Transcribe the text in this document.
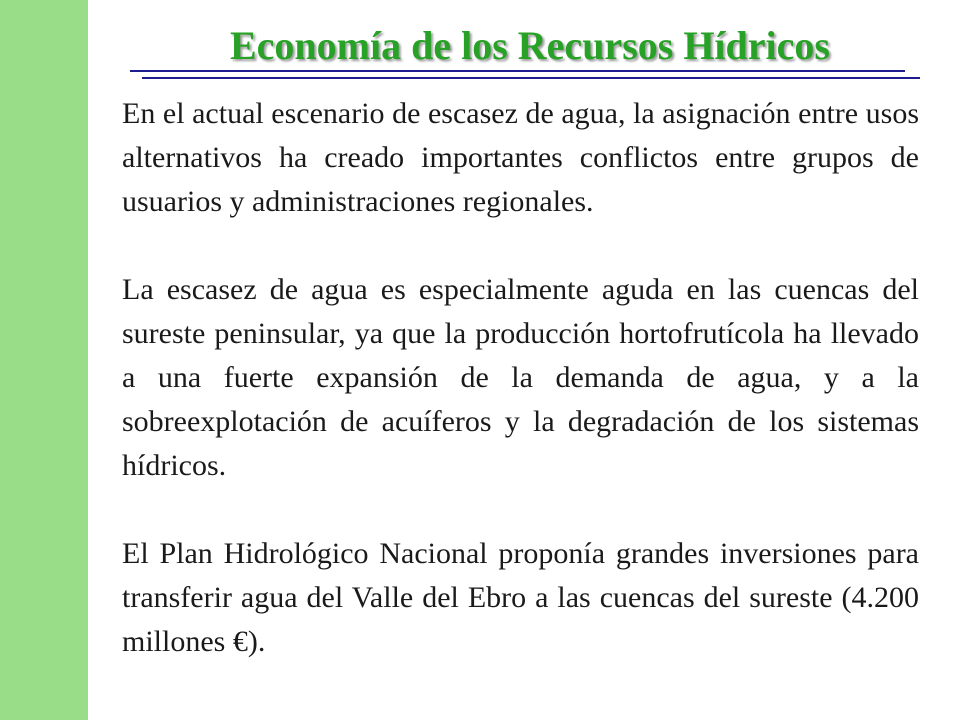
Economía de los Recursos Hídricos

En el actual escenario de escasez de agua, la asignación entre usos alternativos ha creado importantes conflictos entre grupos de usuarios y administraciones regionales.

La escasez de agua es especialmente aguda en las cuencas del sureste peninsular, ya que la producción hortofrutícola ha llevado a una fuerte expansión de la demanda de agua, y a la sobreexplotación de acuíferos y la degradación de los sistemas hídricos.

El Plan Hidrológico Nacional proponía grandes inversiones para transferir agua del Valle del Ebro a las cuencas del sureste (4.200 millones €).
